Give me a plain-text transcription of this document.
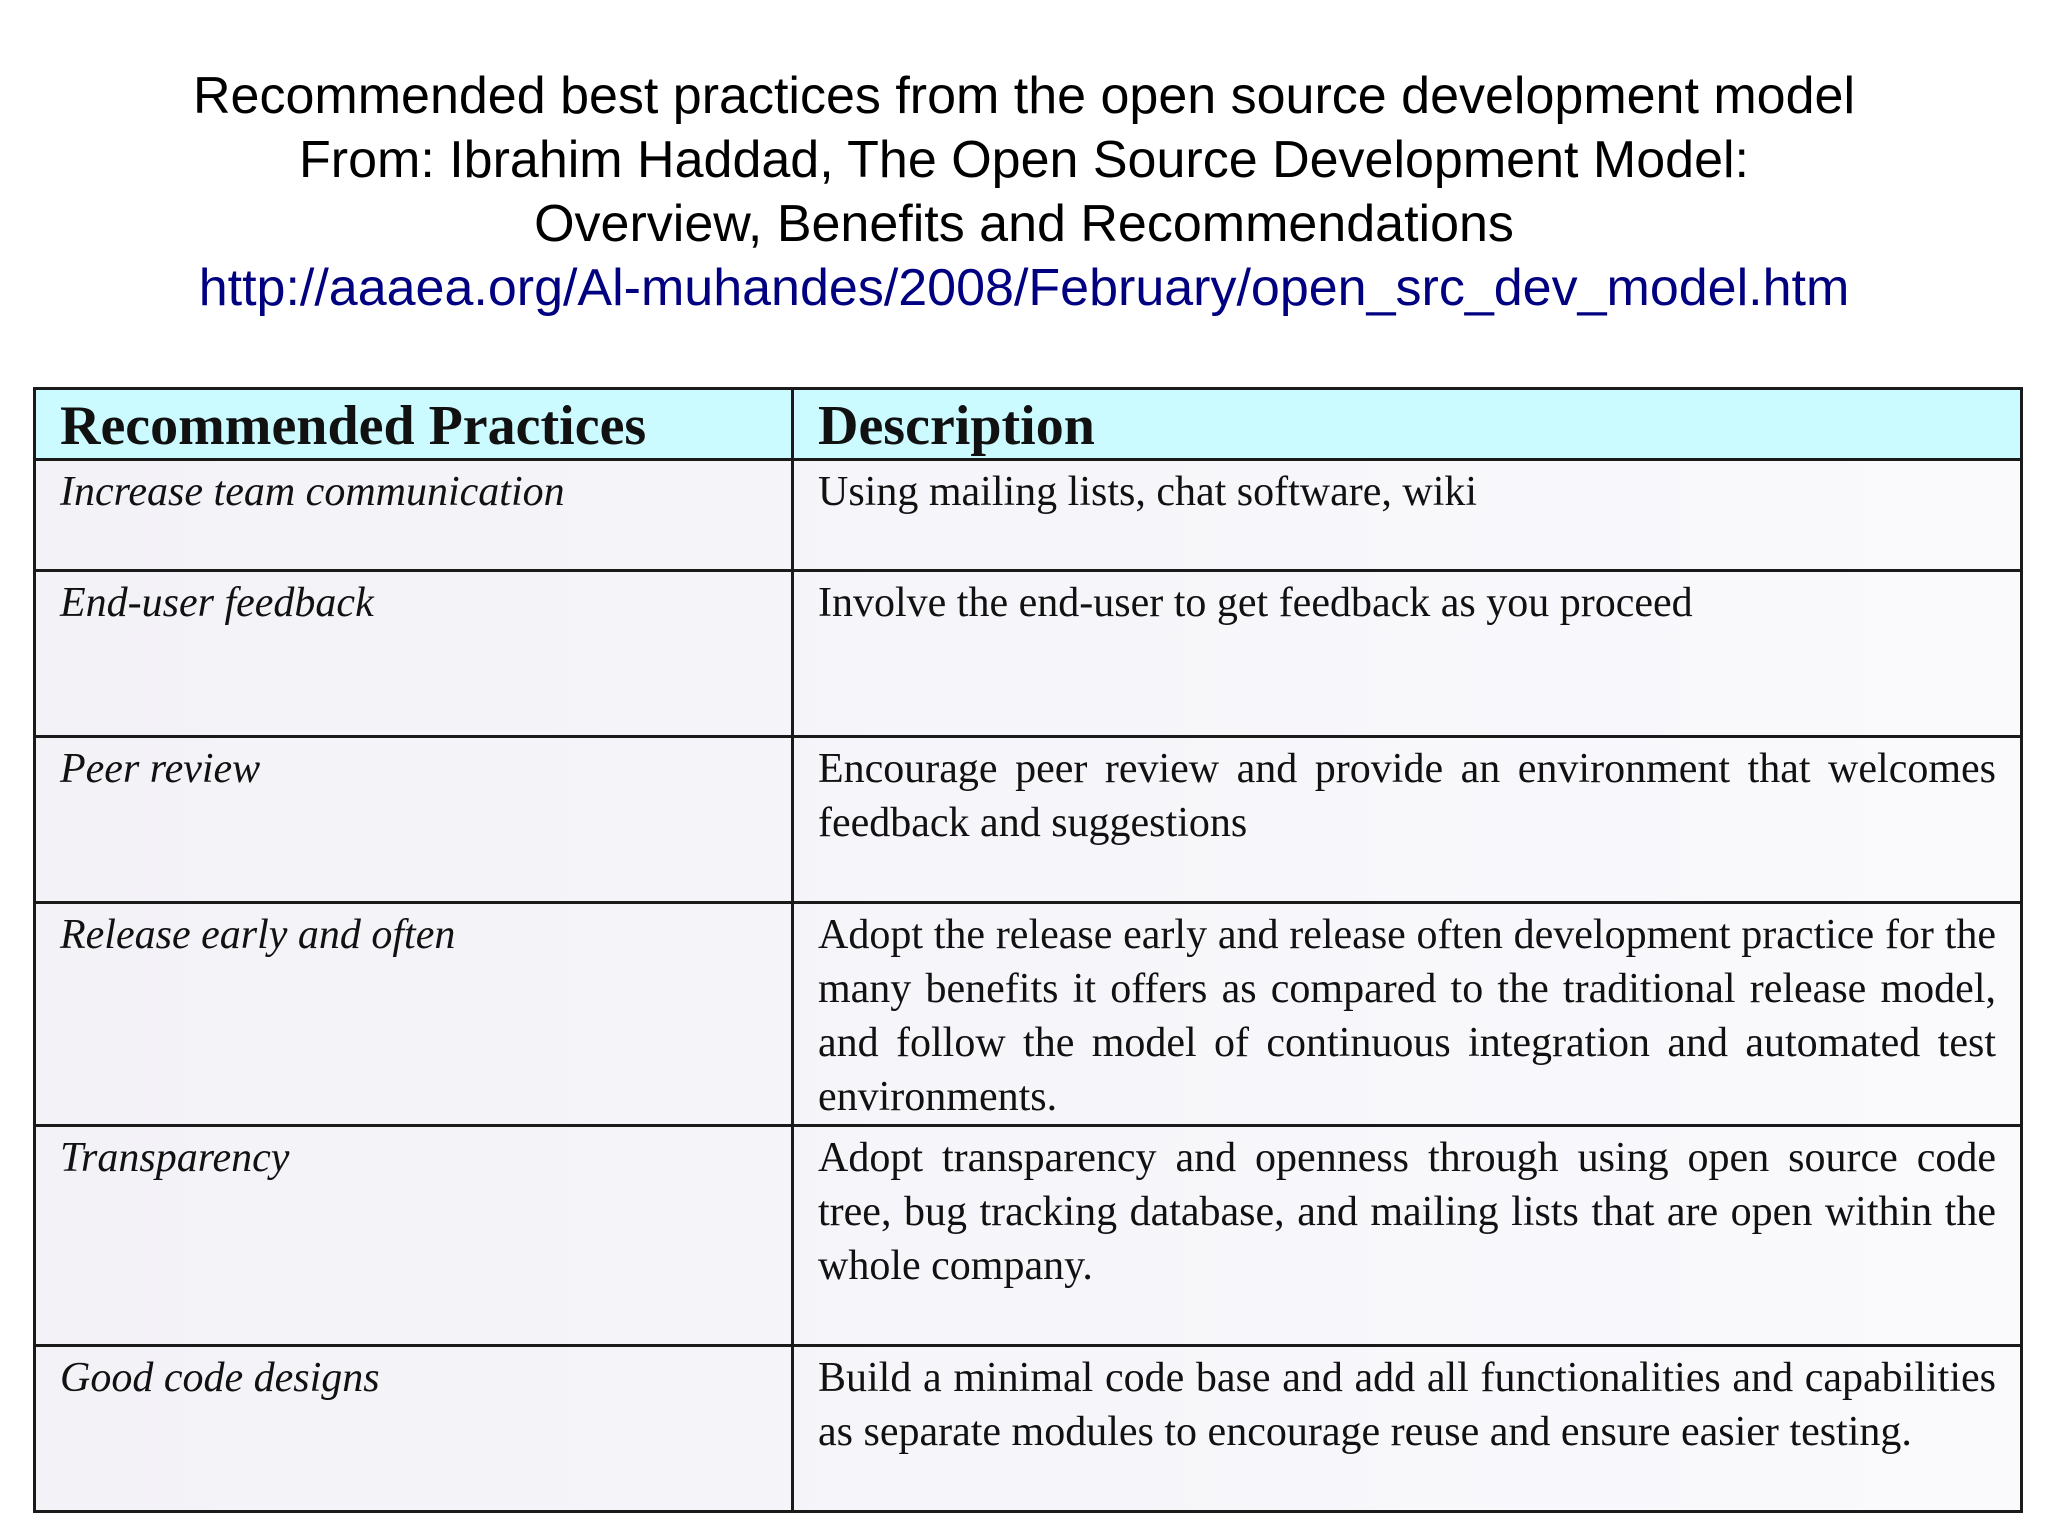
Recommended best practices from the open source development model
From: Ibrahim Haddad, The Open Source Development Model:
Overview, Benefits and Recommendations
http://aaaea.org/Al-muhandes/2008/February/open_src_dev_model.htm
Recommended Practices	Description
Increase team communication	Using mailing lists, chat software, wiki
End-user feedback	Involve the end-user to get feedback as you proceed
Peer review	Encourage peer review and provide an environment that welcomes feedback and suggestions
Release early and often	Adopt the release early and release often development practice for the many benefits it offers as compared to the traditional release model, and follow the model of continuous integration and automated test environments.
Transparency	Adopt transparency and openness through using open source code tree, bug tracking database, and mailing lists that are open within the whole company.
Good code designs	Build a minimal code base and add all functionalities and capabilities as separate modules to encourage reuse and ensure easier testing.
